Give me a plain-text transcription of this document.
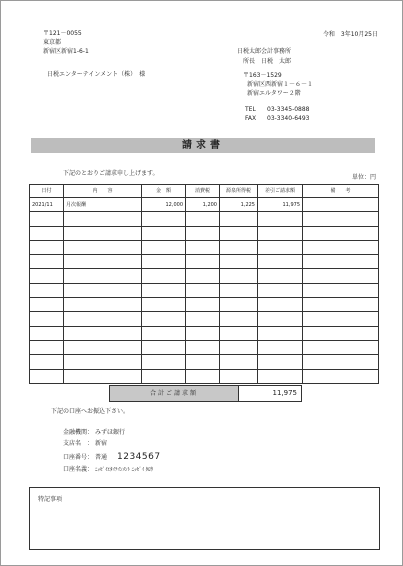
令和　3年10月25日
〒121－0055
東京都
新宿区新宿1-6-1
日税エンターテインメント（株）　様
日税太郎会計事務所
所長　日税　太郎
〒163－1529
新宿区西新宿１－６－１
新宿エルタワー２階
TEL 03-3345-0888
FAX 03-3340-6493
請求書
下記のとおりご請求申し上げます。
単位：円
日付	内　　容	金　額	消費税	源泉所得税	差引ご請求額	備　　考
2021/11	月次報酬	12,000	1,200	1,225	11,975	

合計ご請求額	11,975
下記の口座へお振込下さい。
金融機関： みずほ銀行
支店名　： 新宿
口座番号： 普通 1234567
口座名義： ﾆｯｾﾞｲｴﾀｲﾃｲﾝﾒﾝﾄ ﾆｯｾﾞｲ ﾀﾛｳ
特記事項
